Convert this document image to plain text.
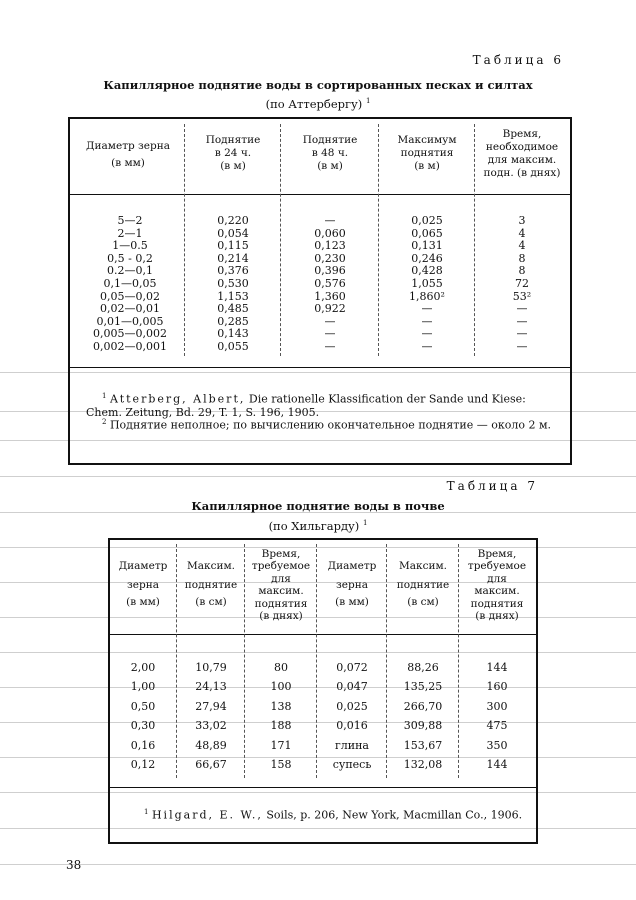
Таблица 6
Капиллярное поднятие воды в сортированных песках и силтах
(по Аттербергу) $^1$
Диаметр зерна
(в мм)
Поднятие
в 24 ч.
(в м)
Поднятие
в 48 ч.
(в м)
Максимум
поднятия
(в м)
Время,
необходимое
для максим.
подн. (в днях)
5—2
2—1
1—0.5
0,5 - 0,2
0.2—0,1
0,1—0,05
0,05—0,02
0,02—0,01
0,01—0,005
0,005—0,002
0,002—0,001
0,220
0,054
0,115
0,214
0,376
0,530
1,153
0,485
0,285
0,143
0,055
—
0,060
0,123
0,230
0,396
0,576
1,360
0,922
—
—
—
0,025
0,065
0,131
0,246
0,428
1,055
1,860²
—
—
—
—
3
4
4
8
8
72
53²
—
—
—
—
$^1$ Atterberg, Albert, Die rationelle Klassification der Sande und Kiese: Chem. Zeitung, Bd. 29, T. 1, S. 196, 1905.
$^2$ Поднятие неполное; по вычислению окончательное поднятие — около 2 м.
Таблица 7
Капиллярное поднятие воды в почве
(по Хильгарду) $^1$
Диаметр
зерна
(в мм)
Максим.
поднятие
(в см)
Время,
требуемое
для
максим.
поднятия
(в днях)
Диаметр
зерна
(в мм)
Максим.
поднятие
(в см)
Время,
требуемое
для
максим.
поднятия
(в днях)
2,00
1,00
0,50
0,30
0,16
0,12
10,79
24,13
27,94
33,02
48,89
66,67
80
100
138
188
171
158
0,072
0,047
0,025
0,016
глина
супесь
88,26
135,25
266,70
309,88
153,67
132,08
144
160
300
475
350
144
$^1$ Hilgard, E. W., Soils, p. 206, New York, Macmillan Co., 1906.
38
